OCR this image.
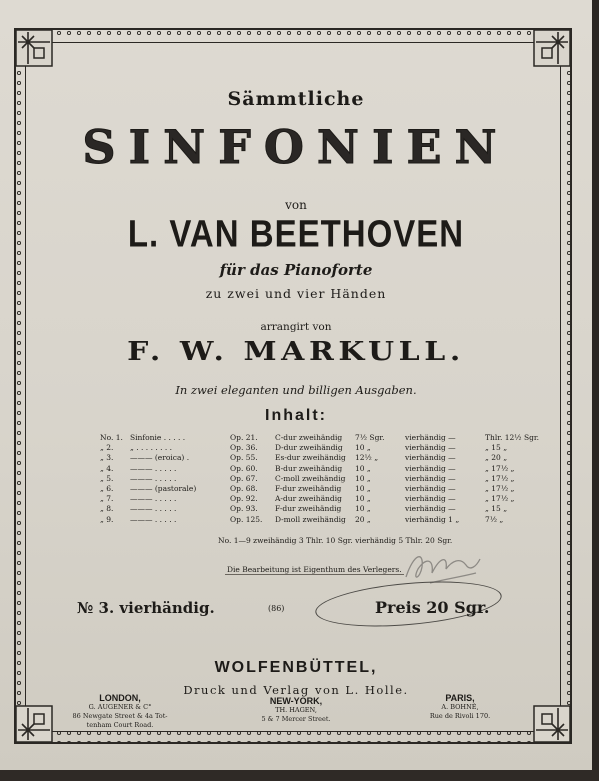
Sämmtliche
SINFONIEN
von
L. VAN BEETHOVEN
für das Pianoforte
zu zwei und vier Händen
arrangirt von
F. W. MARKULL.
In zwei eleganten und billigen Ausgaben.
Inhalt:
No. 1. Sinfonie . . . . .	Op. 21. C-dur zweihändig 7½ Sgr.	vierhändig —	Thlr. 12½ Sgr.
„ 2. „ . . . . . . . .	Op. 36. D-dur zweihändig 10 „	vierhändig —	„ 15 „
„ 3. ——— (eroica) .	Op. 55. Es-dur zweihändig 12½ „	vierhändig —	„ 20 „
„ 4. ——— . . . . .	Op. 60. B-dur zweihändig 10 „	vierhändig —	„ 17½ „
„ 5. ——— . . . . .	Op. 67. C-moll zweihändig 10 „	vierhändig —	„ 17½ „
„ 6. ——— (pastorale)	Op. 68. F-dur zweihändig 10 „	vierhändig —	„ 17½ „
„ 7. ——— . . . . .	Op. 92. A-dur zweihändig 10 „	vierhändig —	„ 17½ „
„ 8. ——— . . . . .	Op. 93. F-dur zweihändig 10 „	vierhändig —	„ 15 „
„ 9. ——— . . . . .	Op. 125. D-moll zweihändig 20 „	vierhändig 1 „	7½ „
No. 1—9 zweihändig 3 Thlr. 10 Sgr. vierhändig 5 Thlr. 20 Sgr.
Die Bearbeitung ist Eigenthum des Verlegers.
№ 3. vierhändig.	(86)	Preis 20 Sgr.
WOLFENBÜTTEL,
Druck und Verlag von L. Holle.
LONDON,
G. AUGENER & C°
86 Newgate Street & 4a Tot-
tenham Court Road.
NEW-YORK,
TH. HAGEN,
5 & 7 Mercer Street.
PARIS,
A. BOHNÉ,
Rue de Rivoli 170.
